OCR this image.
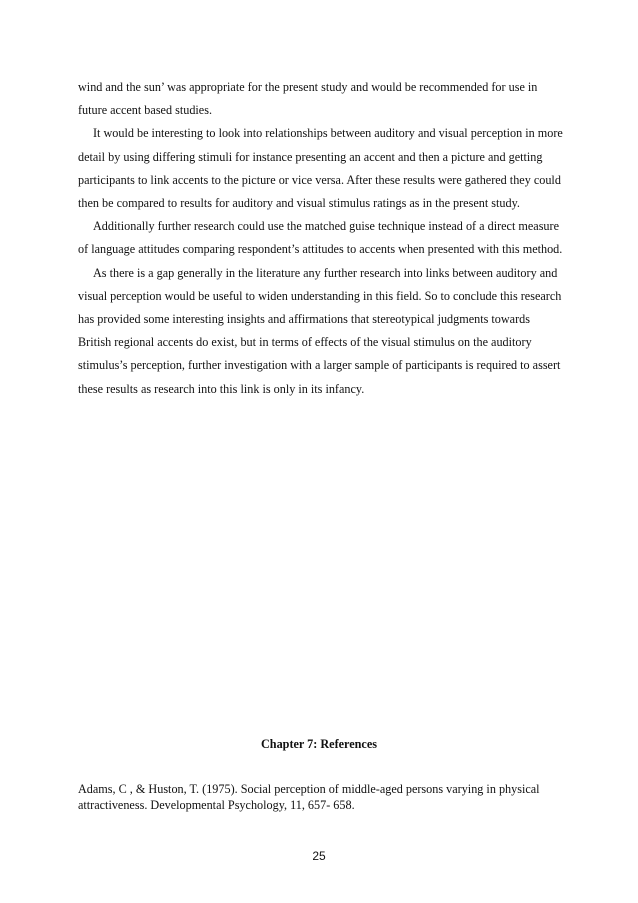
wind and the sun’ was appropriate for the present study and would be recommended for use in future accent based studies.

It would be interesting to look into relationships between auditory and visual perception in more detail by using differing stimuli for instance presenting an accent and then a picture and getting participants to link accents to the picture or vice versa. After these results were gathered they could then be compared to results for auditory and visual stimulus ratings as in the present study.

Additionally further research could use the matched guise technique instead of a direct measure of language attitudes comparing respondent’s attitudes to accents when presented with this method.

As there is a gap generally in the literature any further research into links between auditory and visual perception would be useful to widen understanding in this field. So to conclude this research has provided some interesting insights and affirmations that stereotypical judgments towards British regional accents do exist, but in terms of effects of the visual stimulus on the auditory stimulus’s perception, further investigation with a larger sample of participants is required to assert these results as research into this link is only in its infancy.

Chapter 7: References

Adams, C , & Huston, T. (1975). Social perception of middle-aged persons varying in physical attractiveness. Developmental Psychology, 11, 657- 658.

25
